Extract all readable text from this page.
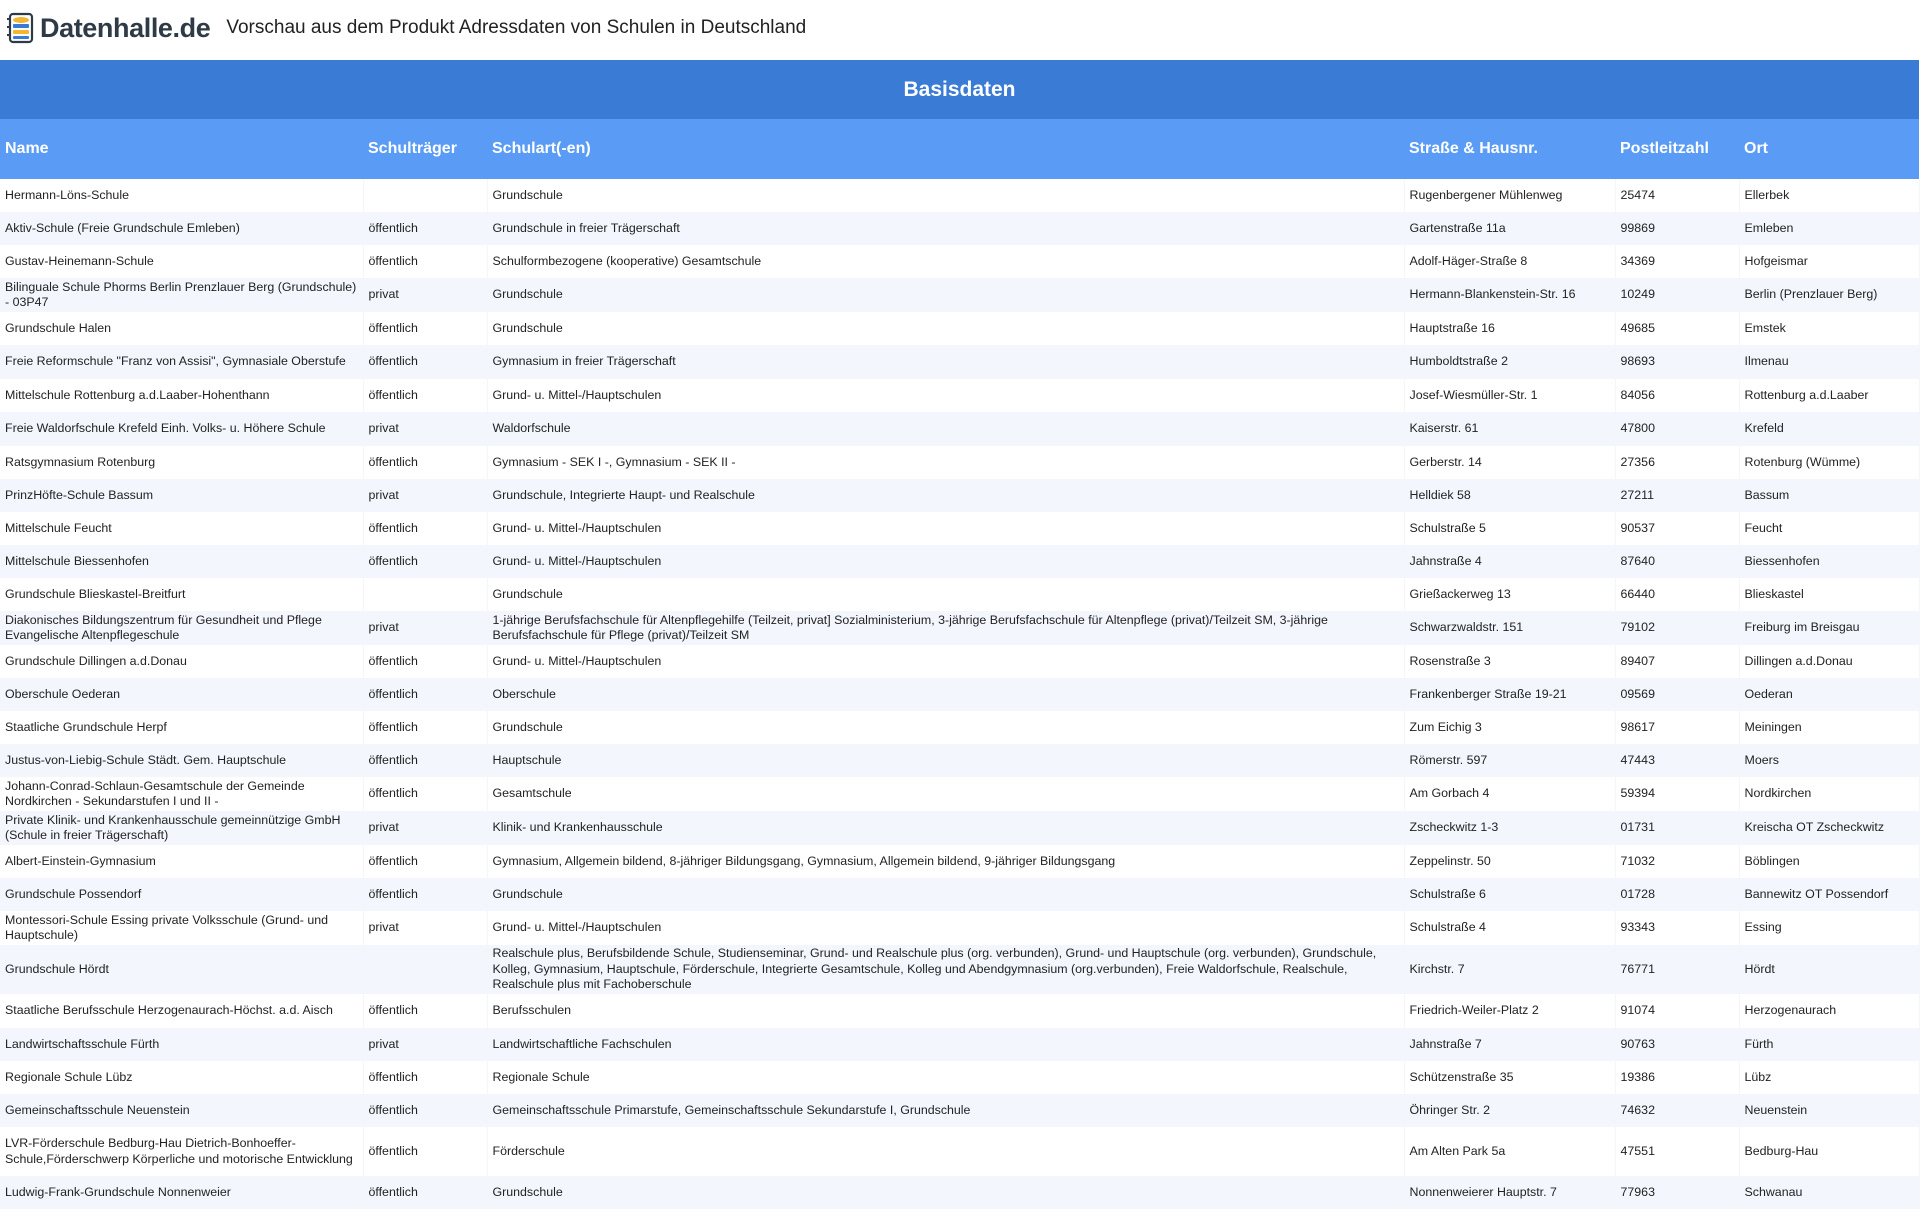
Datenhalle.de Vorschau aus dem Produkt Adressdaten von Schulen in Deutschland
Basisdaten
Name	Schulträger	Schulart(-en)	Straße & Hausnr.	Postleitzahl	Ort
Hermann-Löns-Schule		Grundschule	Rugenbergener Mühlenweg	25474	Ellerbek
Aktiv-Schule (Freie Grundschule Emleben)	öffentlich	Grundschule in freier Trägerschaft	Gartenstraße 11a	99869	Emleben
Gustav-Heinemann-Schule	öffentlich	Schulformbezogene (kooperative) Gesamtschule	Adolf-Häger-Straße 8	34369	Hofgeismar
Bilinguale Schule Phorms Berlin Prenzlauer Berg (Grundschule) - 03P47	privat	Grundschule	Hermann-Blankenstein-Str. 16	10249	Berlin (Prenzlauer Berg)
Grundschule Halen	öffentlich	Grundschule	Hauptstraße 16	49685	Emstek
Freie Reformschule "Franz von Assisi", Gymnasiale Oberstufe	öffentlich	Gymnasium in freier Trägerschaft	Humboldtstraße 2	98693	Ilmenau
Mittelschule Rottenburg a.d.Laaber-Hohenthann	öffentlich	Grund- u. Mittel-/Hauptschulen	Josef-Wiesmüller-Str. 1	84056	Rottenburg a.d.Laaber
Freie Waldorfschule Krefeld Einh. Volks- u. Höhere Schule	privat	Waldorfschule	Kaiserstr. 61	47800	Krefeld
Ratsgymnasium Rotenburg	öffentlich	Gymnasium - SEK I -, Gymnasium - SEK II -	Gerberstr. 14	27356	Rotenburg (Wümme)
PrinzHöfte-Schule Bassum	privat	Grundschule, Integrierte Haupt- und Realschule	Helldiek 58	27211	Bassum
Mittelschule Feucht	öffentlich	Grund- u. Mittel-/Hauptschulen	Schulstraße 5	90537	Feucht
Mittelschule Biessenhofen	öffentlich	Grund- u. Mittel-/Hauptschulen	Jahnstraße 4	87640	Biessenhofen
Grundschule Blieskastel-Breitfurt		Grundschule	Grießackerweg 13	66440	Blieskastel
Diakonisches Bildungszentrum für Gesundheit und Pflege Evangelische Altenpflegeschule	privat	1-jährige Berufsfachschule für Altenpflegehilfe (Teilzeit, privat] Sozialministerium, 3-jährige Berufsfachschule für Altenpflege (privat)/Teilzeit SM, 3-jährige Berufsfachschule für Pflege (privat)/Teilzeit SM	Schwarzwaldstr. 151	79102	Freiburg im Breisgau
Grundschule Dillingen a.d.Donau	öffentlich	Grund- u. Mittel-/Hauptschulen	Rosenstraße 3	89407	Dillingen a.d.Donau
Oberschule Oederan	öffentlich	Oberschule	Frankenberger Straße 19-21	09569	Oederan
Staatliche Grundschule Herpf	öffentlich	Grundschule	Zum Eichig 3	98617	Meiningen
Justus-von-Liebig-Schule Städt. Gem. Hauptschule	öffentlich	Hauptschule	Römerstr. 597	47443	Moers
Johann-Conrad-Schlaun-Gesamtschule der Gemeinde Nordkirchen - Sekundarstufen I und II -	öffentlich	Gesamtschule	Am Gorbach 4	59394	Nordkirchen
Private Klinik- und Krankenhausschule gemeinnützige GmbH (Schule in freier Trägerschaft)	privat	Klinik- und Krankenhausschule	Zscheckwitz 1-3	01731	Kreischa OT Zscheckwitz
Albert-Einstein-Gymnasium	öffentlich	Gymnasium, Allgemein bildend, 8-jähriger Bildungsgang, Gymnasium, Allgemein bildend, 9-jähriger Bildungsgang	Zeppelinstr. 50	71032	Böblingen
Grundschule Possendorf	öffentlich	Grundschule	Schulstraße 6	01728	Bannewitz OT Possendorf
Montessori-Schule Essing private Volksschule (Grund- und Hauptschule)	privat	Grund- u. Mittel-/Hauptschulen	Schulstraße 4	93343	Essing
Grundschule Hördt		Realschule plus, Berufsbildende Schule, Studienseminar, Grund- und Realschule plus (org. verbunden), Grund- und Hauptschule (org. verbunden), Grundschule, Kolleg, Gymnasium, Hauptschule, Förderschule, Integrierte Gesamtschule, Kolleg und Abendgymnasium (org.verbunden), Freie Waldorfschule, Realschule, Realschule plus mit Fachoberschule	Kirchstr. 7	76771	Hördt
Staatliche Berufsschule Herzogenaurach-Höchst. a.d. Aisch	öffentlich	Berufsschulen	Friedrich-Weiler-Platz 2	91074	Herzogenaurach
Landwirtschaftsschule Fürth	privat	Landwirtschaftliche Fachschulen	Jahnstraße 7	90763	Fürth
Regionale Schule Lübz	öffentlich	Regionale Schule	Schützenstraße 35	19386	Lübz
Gemeinschaftsschule Neuenstein	öffentlich	Gemeinschaftsschule Primarstufe, Gemeinschaftsschule Sekundarstufe I, Grundschule	Öhringer Str. 2	74632	Neuenstein
LVR-Förderschule Bedburg-Hau Dietrich-Bonhoeffer-Schule,Förderschwerp Körperliche und motorische Entwicklung	öffentlich	Förderschule	Am Alten Park 5a	47551	Bedburg-Hau
Ludwig-Frank-Grundschule Nonnenweier	öffentlich	Grundschule	Nonnenweierer Hauptstr. 7	77963	Schwanau
